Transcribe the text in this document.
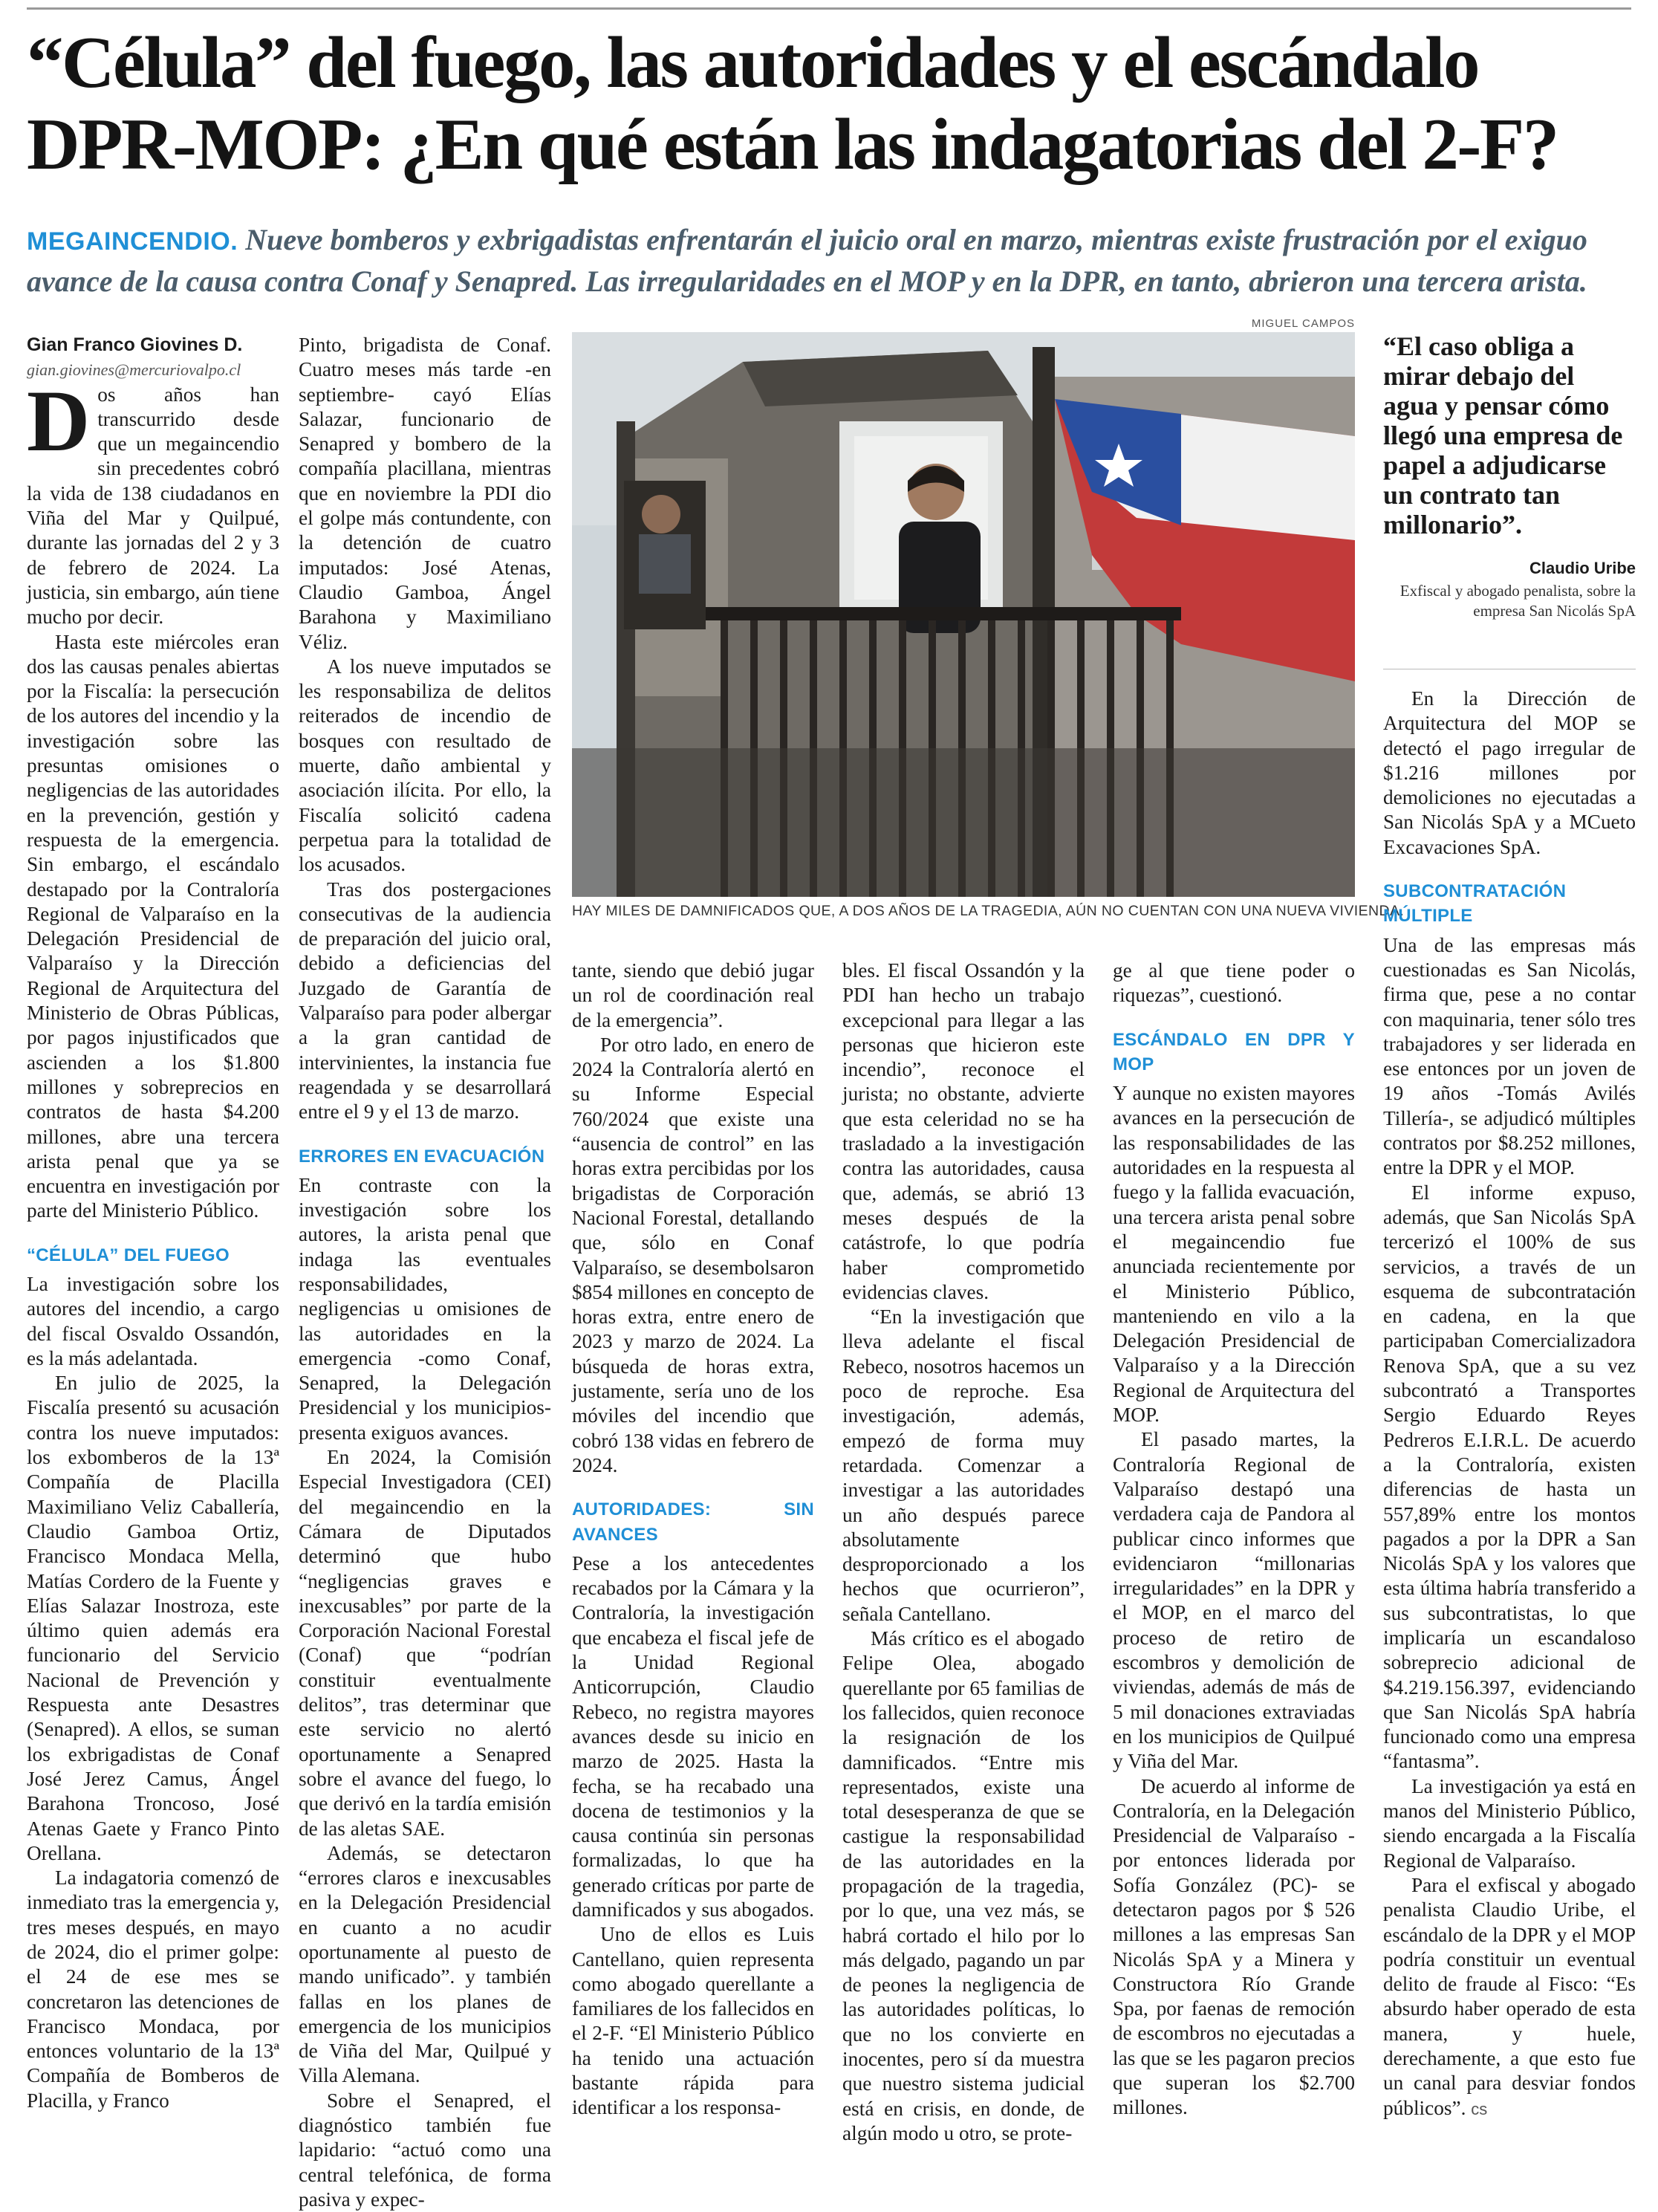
“Célula” del fuego, las autoridades y el escándalo
DPR-MOP: ¿En qué están las indagatorias del 2-F?
MEGAINCENDIO. Nueve bomberos y exbrigadistas enfrentarán el juicio oral en marzo, mientras existe frustración por el exiguo avance de la causa contra Conaf y Senapred. Las irregularidades en el MOP y en la DPR, en tanto, abrieron una tercera arista.

Gian Franco Giovines D.

gian.giovines@mercuriovalpo.cl

Dos años han transcurrido desde que un megaincendio sin precedentes cobró la vida de 138 ciudadanos en Viña del Mar y Quilpué, durante las jornadas del 2 y 3 de febrero de 2024. La justicia, sin embargo, aún tiene mucho por decir.

Hasta este miércoles eran dos las causas penales abiertas por la Fiscalía: la persecución de los autores del incendio y la investigación sobre las presuntas omisiones o negligencias de las autoridades en la prevención, gestión y respuesta de la emergencia. Sin embargo, el escándalo destapado por la Contraloría Regional de Valparaíso en la Delegación Presidencial de Valparaíso y la Dirección Regional de Arquitectura del Ministerio de Obras Públicas, por pagos injustificados que ascienden a los $1.800 millones y sobreprecios en contratos de hasta $4.200 millones, abre una tercera arista penal que ya se encuentra en investigación por parte del Ministerio Público.

“CÉLULA” DEL FUEGO

La investigación sobre los autores del incendio, a cargo del fiscal Osvaldo Ossandón, es la más adelantada.

En julio de 2025, la Fiscalía presentó su acusación contra los nueve imputados: los exbomberos de la 13ª Compañía de Placilla Maximiliano Veliz Caballería, Claudio Gamboa Ortiz, Francisco Mondaca Mella, Matías Cordero de la Fuente y Elías Salazar Inostroza, este último quien además era funcionario del Servicio Nacional de Prevención y Respuesta ante Desastres (Senapred). A ellos, se suman los exbrigadistas de Conaf José Jerez Camus, Ángel Barahona Troncoso, José Atenas Gaete y Franco Pinto Orellana.

La indagatoria comenzó de inmediato tras la emergencia y, tres meses después, en mayo de 2024, dio el primer golpe: el 24 de ese mes se concretaron las detenciones de Francisco Mondaca, por entonces voluntario de la 13ª Compañía de Bomberos de Placilla, y Franco

Pinto, brigadista de Conaf. Cuatro meses más tarde -en septiembre- cayó Elías Salazar, funcionario de Senapred y bombero de la compañía placillana, mientras que en noviembre la PDI dio el golpe más contundente, con la detención de cuatro imputados: José Atenas, Claudio Gamboa, Ángel Barahona y Maximiliano Véliz.

A los nueve imputados se les responsabiliza de delitos reiterados de incendio de bosques con resultado de muerte, daño ambiental y asociación ilícita. Por ello, la Fiscalía solicitó cadena perpetua para la totalidad de los acusados.

Tras dos postergaciones consecutivas de la audiencia de preparación del juicio oral, debido a deficiencias del Juzgado de Garantía de Valparaíso para poder albergar a la gran cantidad de intervinientes, la instancia fue reagendada y se desarrollará entre el 9 y el 13 de marzo.

ERRORES EN EVACUACIÓN

En contraste con la investigación sobre los autores, la arista penal que indaga las eventuales responsabilidades, negligencias u omisiones de las autoridades en la emergencia -como Conaf, Senapred, la Delegación Presidencial y los municipios- presenta exiguos avances.

En 2024, la Comisión Especial Investigadora (CEI) del megaincendio en la Cámara de Diputados determinó que hubo “negligencias graves e inexcusables” por parte de la Corporación Nacional Forestal (Conaf) que “podrían constituir eventualmente delitos”, tras determinar que este servicio no alertó oportunamente a Senapred sobre el avance del fuego, lo que derivó en la tardía emisión de las aletas SAE.

Además, se detectaron “errores claros e inexcusables en la Delegación Presidencial en cuanto a no acudir oportunamente al puesto de mando unificado”. y también fallas en los planes de emergencia de los municipios de Viña del Mar, Quilpué y Villa Alemana.

Sobre el Senapred, el diagnóstico también fue lapidario: “actuó como una central telefónica, de forma pasiva y expec-

MIGUEL CAMPOS
HAY MILES DE DAMNIFICADOS QUE, A DOS AÑOS DE LA TRAGEDIA, AÚN NO CUENTAN CON UNA NUEVA VIVIENDA.
“El caso obliga a mirar debajo del agua y pensar cómo llegó una empresa de papel a adjudicarse un contrato tan millonario”.
Claudio Uribe
Exfiscal y abogado penalista, sobre la empresa San Nicolás SpA

tante, siendo que debió jugar un rol de coordinación real de la emergencia”.

Por otro lado, en enero de 2024 la Contraloría alertó en su Informe Especial 760/2024 que existe una “ausencia de control” en las horas extra percibidas por los brigadistas de Corporación Nacional Forestal, detallando que, sólo en Conaf Valparaíso, se desembolsaron $854 millones en concepto de horas extra, entre enero de 2023 y marzo de 2024. La búsqueda de horas extra, justamente, sería uno de los móviles del incendio que cobró 138 vidas en febrero de 2024.

AUTORIDADES: SIN AVANCES

Pese a los antecedentes recabados por la Cámara y la Contraloría, la investigación que encabeza el fiscal jefe de la Unidad Regional Anticorrupción, Claudio Rebeco, no registra mayores avances desde su inicio en marzo de 2025. Hasta la fecha, se ha recabado una docena de testimonios y la causa continúa sin personas formalizadas, lo que ha generado críticas por parte de damnificados y sus abogados.

Uno de ellos es Luis Cantellano, quien representa como abogado querellante a familiares de los fallecidos en el 2-F. “El Ministerio Público ha tenido una actuación bastante rápida para identificar a los responsa-

bles. El fiscal Ossandón y la PDI han hecho un trabajo excepcional para llegar a las personas que hicieron este incendio”, reconoce el jurista; no obstante, advierte que esta celeridad no se ha trasladado a la investigación contra las autoridades, causa que, además, se abrió 13 meses después de la catástrofe, lo que podría haber comprometido evidencias claves.

“En la investigación que lleva adelante el fiscal Rebeco, nosotros hacemos un poco de reproche. Esa investigación, además, empezó de forma muy retardada. Comenzar a investigar a las autoridades un año después parece absolutamente desproporcionado a los hechos que ocurrieron”, señala Cantellano.

Más crítico es el abogado Felipe Olea, abogado querellante por 65 familias de los fallecidos, quien reconoce la resignación de los damnificados. “Entre mis representados, existe una total desesperanza de que se castigue la responsabilidad de las autoridades en la propagación de la tragedia, por lo que, una vez más, se habrá cortado el hilo por lo más delgado, pagando un par de peones la negligencia de las autoridades políticas, lo que no los convierte en inocentes, pero sí da muestra que nuestro sistema judicial está en crisis, en donde, de algún modo u otro, se prote-

ge al que tiene poder o riquezas”, cuestionó.

ESCÁNDALO EN DPR Y MOP

Y aunque no existen mayores avances en la persecución de las responsabilidades de las autoridades en la respuesta al fuego y la fallida evacuación, una tercera arista penal sobre el megaincendio fue anunciada recientemente por el Ministerio Público, manteniendo en vilo a la Delegación Presidencial de Valparaíso y a la Dirección Regional de Arquitectura del MOP.

El pasado martes, la Contraloría Regional de Valparaíso destapó una verdadera caja de Pandora al publicar cinco informes que evidenciaron “millonarias irregularidades” en la DPR y el MOP, en el marco del proceso de retiro de escombros y demolición de viviendas, además de más de 5 mil donaciones extraviadas en los municipios de Quilpué y Viña del Mar.

De acuerdo al informe de Contraloría, en la Delegación Presidencial de Valparaíso -por entonces liderada por Sofía González (PC)- se detectaron pagos por $ 526 millones a las empresas San Nicolás SpA y a Minera y Constructora Río Grande Spa, por faenas de remoción de escombros no ejecutadas a las que se les pagaron precios que superan los $2.700 millones.

En la Dirección de Arquitectura del MOP se detectó el pago irregular de $1.216 millones por demoliciones no ejecutadas a San Nicolás SpA y a MCueto Excavaciones SpA.

SUBCONTRATACIÓN MÚLTIPLE

Una de las empresas más cuestionadas es San Nicolás, firma que, pese a no contar con maquinaria, tener sólo tres trabajadores y ser liderada en ese entonces por un joven de 19 años -Tomás Avilés Tillería-, se adjudicó múltiples contratos por $8.252 millones, entre la DPR y el MOP.

El informe expuso, además, que San Nicolás SpA tercerizó el 100% de sus servicios, a través de un esquema de subcontratación en cadena, en la que participaban Comercializadora Renova SpA, que a su vez subcontrató a Transportes Sergio Eduardo Reyes Pedreros E.I.R.L. De acuerdo a la Contraloría, existen diferencias de hasta un 557,89% entre los montos pagados a por la DPR a San Nicolás SpA y los valores que esta última habría transferido a sus subcontratistas, lo que implicaría un escandaloso sobreprecio adicional de $4.219.156.397, evidenciando que San Nicolás SpA habría funcionado como una empresa “fantasma”.

La investigación ya está en manos del Ministerio Público, siendo encargada a la Fiscalía Regional de Valparaíso.

Para el exfiscal y abogado penalista Claudio Uribe, el escándalo de la DPR y el MOP podría constituir un eventual delito de fraude al Fisco: “Es absurdo haber operado de esta manera, y huele, derechamente, a que esto fue un canal para desviar fondos públicos”. cs
